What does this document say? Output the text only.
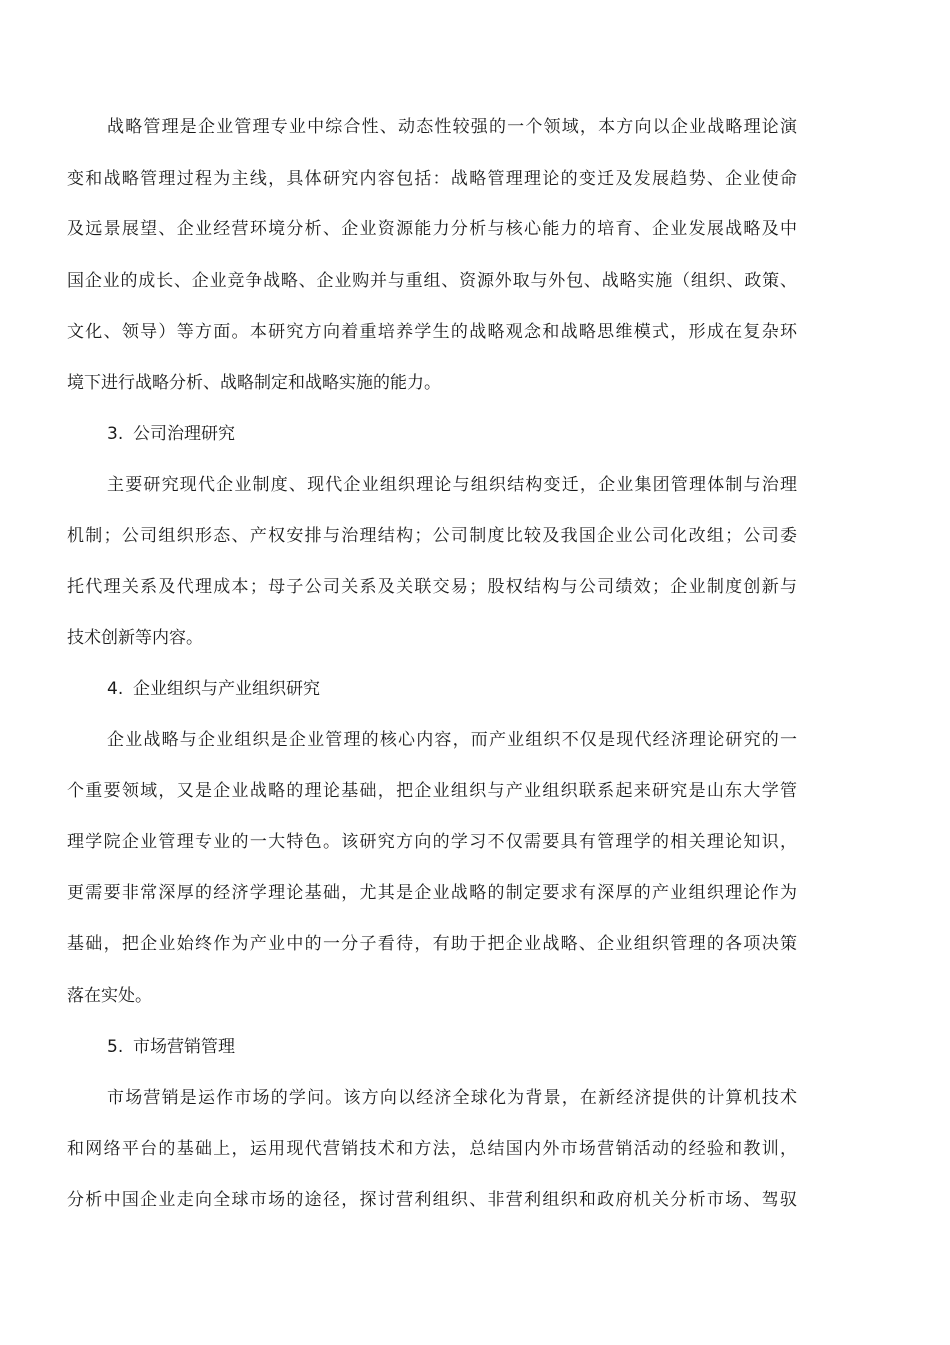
战略管理是企业管理专业中综合性、动态性较强的一个领域，本方向以企业战略理论演
变和战略管理过程为主线，具体研究内容包括：战略管理理论的变迁及发展趋势、企业使命
及远景展望、企业经营环境分析、企业资源能力分析与核心能力的培育、企业发展战略及中
国企业的成长、企业竞争战略、企业购并与重组、资源外取与外包、战略实施（组织、政策、
文化、领导）等方面。本研究方向着重培养学生的战略观念和战略思维模式，形成在复杂环
境下进行战略分析、战略制定和战略实施的能力。
3. 公司治理研究
主要研究现代企业制度、现代企业组织理论与组织结构变迁，企业集团管理体制与治理
机制；公司组织形态、产权安排与治理结构；公司制度比较及我国企业公司化改组；公司委
托代理关系及代理成本；母子公司关系及关联交易；股权结构与公司绩效；企业制度创新与
技术创新等内容。
4. 企业组织与产业组织研究
企业战略与企业组织是企业管理的核心内容，而产业组织不仅是现代经济理论研究的一
个重要领域，又是企业战略的理论基础，把企业组织与产业组织联系起来研究是山东大学管
理学院企业管理专业的一大特色。该研究方向的学习不仅需要具有管理学的相关理论知识，
更需要非常深厚的经济学理论基础，尤其是企业战略的制定要求有深厚的产业组织理论作为
基础，把企业始终作为产业中的一分子看待，有助于把企业战略、企业组织管理的各项决策
落在实处。
5. 市场营销管理
市场营销是运作市场的学问。该方向以经济全球化为背景，在新经济提供的计算机技术
和网络平台的基础上，运用现代营销技术和方法，总结国内外市场营销活动的经验和教训，
分析中国企业走向全球市场的途径，探讨营利组织、非营利组织和政府机关分析市场、驾驭
